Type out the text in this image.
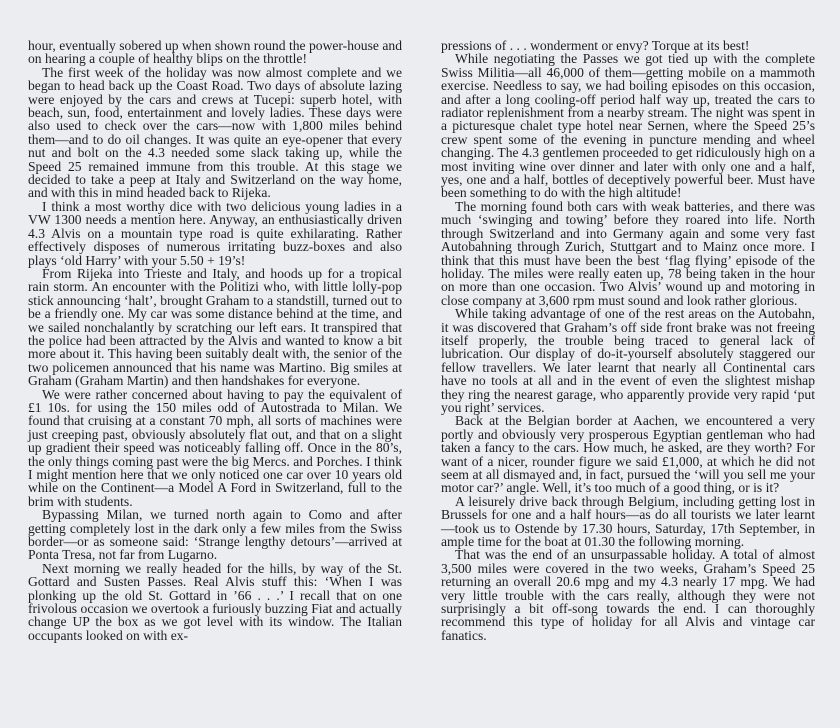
hour, eventually sobered up when shown round the power-house and on hearing a couple of healthy blips on the throttle!

The first week of the holiday was now almost complete and we began to head back up the Coast Road. Two days of absolute lazing were enjoyed by the cars and crews at Tucepi: superb hotel, with beach, sun, food, entertainment and lovely ladies. These days were also used to check over the cars—now with 1,800 miles behind them—and to do oil changes. It was quite an eye-opener that every nut and bolt on the 4.3 needed some slack taking up, while the Speed 25 remained immune from this trouble. At this stage we decided to take a peep at Italy and Switzerland on the way home, and with this in mind headed back to Rijeka.

I think a most worthy dice with two delicious young ladies in a VW 1300 needs a mention here. Anyway, an enthusiastically driven 4.3 Alvis on a mountain type road is quite exhilarating. Rather effectively disposes of numerous irritating buzz-boxes and also plays ‘old Harry’ with your 5.50 + 19’s!

From Rijeka into Trieste and Italy, and hoods up for a tropical rain storm. An encounter with the Politizi who, with little lolly-pop stick announcing ‘halt’, brought Graham to a standstill, turned out to be a friendly one. My car was some distance behind at the time, and we sailed nonchalantly by scratching our left ears. It transpired that the police had been attracted by the Alvis and wanted to know a bit more about it. This having been suitably dealt with, the senior of the two policemen announced that his name was Martino. Big smiles at Graham (Graham Martin) and then handshakes for everyone.

We were rather concerned about having to pay the equivalent of £1 10s. for using the 150 miles odd of Autostrada to Milan. We found that cruising at a constant 70 mph, all sorts of machines were just creeping past, obviously absolutely flat out, and that on a slight up gradient their speed was noticeably falling off. Once in the 80’s, the only things coming past were the big Mercs. and Porches. I think I might mention here that we only noticed one car over 10 years old while on the Continent—a Model A Ford in Switzerland, full to the brim with students.

Bypassing Milan, we turned north again to Como and after getting completely lost in the dark only a few miles from the Swiss border—or as someone said: ‘Strange lengthy detours’—arrived at Ponta Tresa, not far from Lugarno.

Next morning we really headed for the hills, by way of the St. Gottard and Susten Passes. Real Alvis stuff this: ‘When I was plonking up the old St. Gottard in ’66 . . .’ I recall that on one frivolous occasion we overtook a furiously buzzing Fiat and actually change UP the box as we got level with its window. The Italian occupants looked on with ex-

pressions of . . . wonderment or envy? Torque at its best!

While negotiating the Passes we got tied up with the complete Swiss Militia—all 46,000 of them—getting mobile on a mammoth exercise. Needless to say, we had boiling episodes on this occasion, and after a long cooling-off period half way up, treated the cars to radiator replenishment from a nearby stream. The night was spent in a picturesque chalet type hotel near Sernen, where the Speed 25’s crew spent some of the evening in puncture mending and wheel changing. The 4.3 gentlemen proceeded to get ridiculously high on a most inviting wine over dinner and later with only one and a half, yes, one and a half, bottles of deceptively powerful beer. Must have been something to do with the high altitude!

The morning found both cars with weak batteries, and there was much ‘swinging and towing’ before they roared into life. North through Switzerland and into Germany again and some very fast Autobahning through Zurich, Stuttgart and to Mainz once more. I think that this must have been the best ‘flag flying’ episode of the holiday. The miles were really eaten up, 78 being taken in the hour on more than one occasion. Two Alvis’ wound up and motoring in close company at 3,600 rpm must sound and look rather glorious.

While taking advantage of one of the rest areas on the Autobahn, it was discovered that Graham’s off side front brake was not freeing itself properly, the trouble being traced to general lack of lubrication. Our display of do-it-yourself absolutely staggered our fellow travellers. We later learnt that nearly all Continental cars have no tools at all and in the event of even the slightest mishap they ring the nearest garage, who apparently provide very rapid ‘put you right’ services.

Back at the Belgian border at Aachen, we encountered a very portly and obviously very prosperous Egyptian gentleman who had taken a fancy to the cars. How much, he asked, are they worth? For want of a nicer, rounder figure we said £1,000, at which he did not seem at all dismayed and, in fact, pursued the ‘will you sell me your motor car?’ angle. Well, it’s too much of a good thing, or is it?

A leisurely drive back through Belgium, including getting lost in Brussels for one and a half hours—as do all tourists we later learnt—took us to Ostende by 17.30 hours, Saturday, 17th September, in ample time for the boat at 01.30 the following morning.

That was the end of an unsurpassable holiday. A total of almost 3,500 miles were covered in the two weeks, Graham’s Speed 25 returning an overall 20.6 mpg and my 4.3 nearly 17 mpg. We had very little trouble with the cars really, although they were not surprisingly a bit off-song towards the end. I can thoroughly recommend this type of holiday for all Alvis and vintage car fanatics.
